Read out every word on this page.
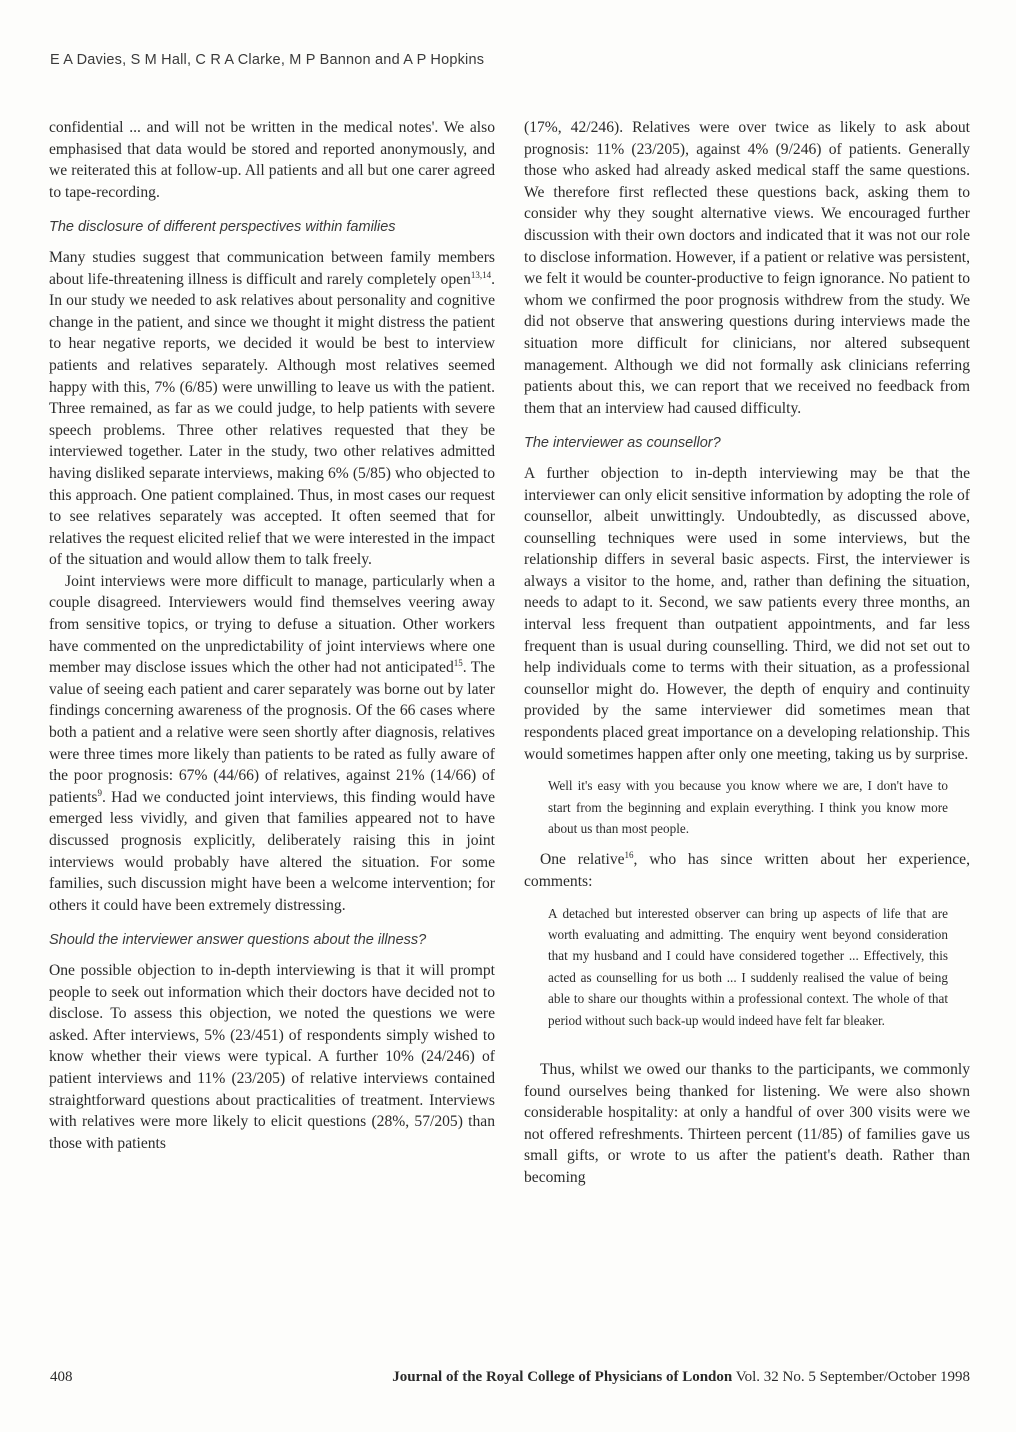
E A Davies, S M Hall, C R A Clarke, M P Bannon and A P Hopkins

confidential ... and will not be written in the medical notes'. We also emphasised that data would be stored and reported anonymously, and we reiterated this at follow-up. All patients and all but one carer agreed to tape-recording.

The disclosure of different perspectives within families

Many studies suggest that communication between family members about life-threatening illness is difficult and rarely completely open$^{13,14}$. In our study we needed to ask relatives about personality and cognitive change in the patient, and since we thought it might distress the patient to hear negative reports, we decided it would be best to interview patients and relatives separately. Although most relatives seemed happy with this, 7% (6/85) were unwilling to leave us with the patient. Three remained, as far as we could judge, to help patients with severe speech problems. Three other relatives requested that they be interviewed together. Later in the study, two other relatives admitted having disliked separate interviews, making 6% (5/85) who objected to this approach. One patient complained. Thus, in most cases our request to see relatives separately was accepted. It often seemed that for relatives the request elicited relief that we were interested in the impact of the situation and would allow them to talk freely.

Joint interviews were more difficult to manage, particularly when a couple disagreed. Interviewers would find themselves veering away from sensitive topics, or trying to defuse a situation. Other workers have commented on the unpredictability of joint interviews where one member may disclose issues which the other had not anticipated$^{15}$. The value of seeing each patient and carer separately was borne out by later findings concerning awareness of the prognosis. Of the 66 cases where both a patient and a relative were seen shortly after diagnosis, relatives were three times more likely than patients to be rated as fully aware of the poor prognosis: 67% (44/66) of relatives, against 21% (14/66) of patients$^9$. Had we conducted joint interviews, this finding would have emerged less vividly, and given that families appeared not to have discussed prognosis explicitly, deliberately raising this in joint interviews would probably have altered the situation. For some families, such discussion might have been a welcome intervention; for others it could have been extremely distressing.

Should the interviewer answer questions about the illness?

One possible objection to in-depth interviewing is that it will prompt people to seek out information which their doctors have decided not to disclose. To assess this objection, we noted the questions we were asked. After interviews, 5% (23/451) of respondents simply wished to know whether their views were typical. A further 10% (24/246) of patient interviews and 11% (23/205) of relative interviews contained straightforward questions about practicalities of treatment. Interviews with relatives were more likely to elicit questions (28%, 57/205) than those with patients

(17%, 42/246). Relatives were over twice as likely to ask about prognosis: 11% (23/205), against 4% (9/246) of patients. Generally those who asked had already asked medical staff the same questions. We therefore first reflected these questions back, asking them to consider why they sought alternative views. We encouraged further discussion with their own doctors and indicated that it was not our role to disclose information. However, if a patient or relative was persistent, we felt it would be counter-productive to feign ignorance. No patient to whom we confirmed the poor prognosis withdrew from the study. We did not observe that answering questions during interviews made the situation more difficult for clinicians, nor altered subsequent management. Although we did not formally ask clinicians referring patients about this, we can report that we received no feedback from them that an interview had caused difficulty.

The interviewer as counsellor?

A further objection to in-depth interviewing may be that the interviewer can only elicit sensitive information by adopting the role of counsellor, albeit unwittingly. Undoubtedly, as discussed above, counselling techniques were used in some interviews, but the relationship differs in several basic aspects. First, the interviewer is always a visitor to the home, and, rather than defining the situation, needs to adapt to it. Second, we saw patients every three months, an interval less frequent than outpatient appointments, and far less frequent than is usual during counselling. Third, we did not set out to help individuals come to terms with their situation, as a professional counsellor might do. However, the depth of enquiry and continuity provided by the same interviewer did sometimes mean that respondents placed great importance on a developing relationship. This would sometimes happen after only one meeting, taking us by surprise.

Well it's easy with you because you know where we are, I don't have to start from the beginning and explain everything. I think you know more about us than most people.

One relative$^{16}$, who has since written about her experience, comments:

A detached but interested observer can bring up aspects of life that are worth evaluating and admitting. The enquiry went beyond consideration that my husband and I could have considered together ... Effectively, this acted as counselling for us both ... I suddenly realised the value of being able to share our thoughts within a professional context. The whole of that period without such back-up would indeed have felt far bleaker.

Thus, whilst we owed our thanks to the participants, we commonly found ourselves being thanked for listening. We were also shown considerable hospitality: at only a handful of over 300 visits were we not offered refreshments. Thirteen percent (11/85) of families gave us small gifts, or wrote to us after the patient's death. Rather than becoming

408	Journal of the Royal College of Physicians of London Vol. 32 No. 5 September/October 1998
